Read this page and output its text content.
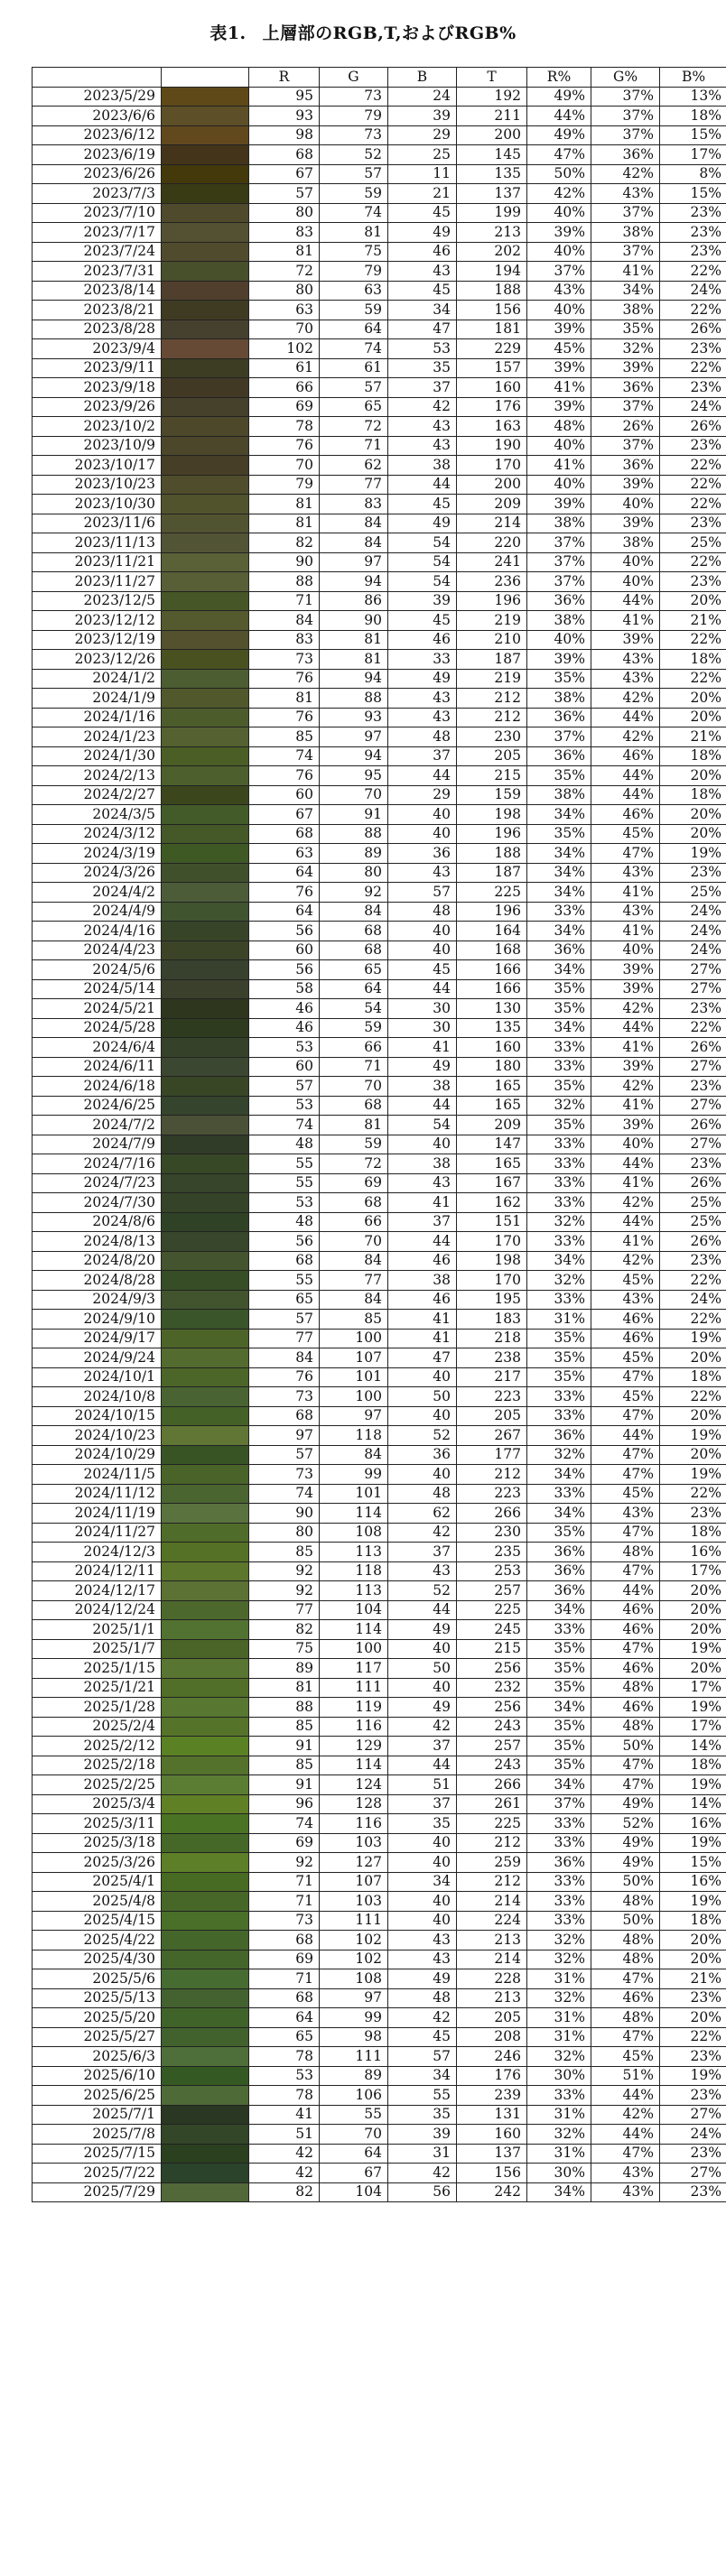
表1. 上層部のRGB,T,およびRGB%
		R	G	B	T	R%	G%	B%
2023/5/29		95	73	24	192	49%	37%	13%
2023/6/6		93	79	39	211	44%	37%	18%
2023/6/12		98	73	29	200	49%	37%	15%
2023/6/19		68	52	25	145	47%	36%	17%
2023/6/26		67	57	11	135	50%	42%	8%
2023/7/3		57	59	21	137	42%	43%	15%
2023/7/10		80	74	45	199	40%	37%	23%
2023/7/17		83	81	49	213	39%	38%	23%
2023/7/24		81	75	46	202	40%	37%	23%
2023/7/31		72	79	43	194	37%	41%	22%
2023/8/14		80	63	45	188	43%	34%	24%
2023/8/21		63	59	34	156	40%	38%	22%
2023/8/28		70	64	47	181	39%	35%	26%
2023/9/4		102	74	53	229	45%	32%	23%
2023/9/11		61	61	35	157	39%	39%	22%
2023/9/18		66	57	37	160	41%	36%	23%
2023/9/26		69	65	42	176	39%	37%	24%
2023/10/2		78	72	43	163	48%	26%	26%
2023/10/9		76	71	43	190	40%	37%	23%
2023/10/17		70	62	38	170	41%	36%	22%
2023/10/23		79	77	44	200	40%	39%	22%
2023/10/30		81	83	45	209	39%	40%	22%
2023/11/6		81	84	49	214	38%	39%	23%
2023/11/13		82	84	54	220	37%	38%	25%
2023/11/21		90	97	54	241	37%	40%	22%
2023/11/27		88	94	54	236	37%	40%	23%
2023/12/5		71	86	39	196	36%	44%	20%
2023/12/12		84	90	45	219	38%	41%	21%
2023/12/19		83	81	46	210	40%	39%	22%
2023/12/26		73	81	33	187	39%	43%	18%
2024/1/2		76	94	49	219	35%	43%	22%
2024/1/9		81	88	43	212	38%	42%	20%
2024/1/16		76	93	43	212	36%	44%	20%
2024/1/23		85	97	48	230	37%	42%	21%
2024/1/30		74	94	37	205	36%	46%	18%
2024/2/13		76	95	44	215	35%	44%	20%
2024/2/27		60	70	29	159	38%	44%	18%
2024/3/5		67	91	40	198	34%	46%	20%
2024/3/12		68	88	40	196	35%	45%	20%
2024/3/19		63	89	36	188	34%	47%	19%
2024/3/26		64	80	43	187	34%	43%	23%
2024/4/2		76	92	57	225	34%	41%	25%
2024/4/9		64	84	48	196	33%	43%	24%
2024/4/16		56	68	40	164	34%	41%	24%
2024/4/23		60	68	40	168	36%	40%	24%
2024/5/6		56	65	45	166	34%	39%	27%
2024/5/14		58	64	44	166	35%	39%	27%
2024/5/21		46	54	30	130	35%	42%	23%
2024/5/28		46	59	30	135	34%	44%	22%
2024/6/4		53	66	41	160	33%	41%	26%
2024/6/11		60	71	49	180	33%	39%	27%
2024/6/18		57	70	38	165	35%	42%	23%
2024/6/25		53	68	44	165	32%	41%	27%
2024/7/2		74	81	54	209	35%	39%	26%
2024/7/9		48	59	40	147	33%	40%	27%
2024/7/16		55	72	38	165	33%	44%	23%
2024/7/23		55	69	43	167	33%	41%	26%
2024/7/30		53	68	41	162	33%	42%	25%
2024/8/6		48	66	37	151	32%	44%	25%
2024/8/13		56	70	44	170	33%	41%	26%
2024/8/20		68	84	46	198	34%	42%	23%
2024/8/28		55	77	38	170	32%	45%	22%
2024/9/3		65	84	46	195	33%	43%	24%
2024/9/10		57	85	41	183	31%	46%	22%
2024/9/17		77	100	41	218	35%	46%	19%
2024/9/24		84	107	47	238	35%	45%	20%
2024/10/1		76	101	40	217	35%	47%	18%
2024/10/8		73	100	50	223	33%	45%	22%
2024/10/15		68	97	40	205	33%	47%	20%
2024/10/23		97	118	52	267	36%	44%	19%
2024/10/29		57	84	36	177	32%	47%	20%
2024/11/5		73	99	40	212	34%	47%	19%
2024/11/12		74	101	48	223	33%	45%	22%
2024/11/19		90	114	62	266	34%	43%	23%
2024/11/27		80	108	42	230	35%	47%	18%
2024/12/3		85	113	37	235	36%	48%	16%
2024/12/11		92	118	43	253	36%	47%	17%
2024/12/17		92	113	52	257	36%	44%	20%
2024/12/24		77	104	44	225	34%	46%	20%
2025/1/1		82	114	49	245	33%	46%	20%
2025/1/7		75	100	40	215	35%	47%	19%
2025/1/15		89	117	50	256	35%	46%	20%
2025/1/21		81	111	40	232	35%	48%	17%
2025/1/28		88	119	49	256	34%	46%	19%
2025/2/4		85	116	42	243	35%	48%	17%
2025/2/12		91	129	37	257	35%	50%	14%
2025/2/18		85	114	44	243	35%	47%	18%
2025/2/25		91	124	51	266	34%	47%	19%
2025/3/4		96	128	37	261	37%	49%	14%
2025/3/11		74	116	35	225	33%	52%	16%
2025/3/18		69	103	40	212	33%	49%	19%
2025/3/26		92	127	40	259	36%	49%	15%
2025/4/1		71	107	34	212	33%	50%	16%
2025/4/8		71	103	40	214	33%	48%	19%
2025/4/15		73	111	40	224	33%	50%	18%
2025/4/22		68	102	43	213	32%	48%	20%
2025/4/30		69	102	43	214	32%	48%	20%
2025/5/6		71	108	49	228	31%	47%	21%
2025/5/13		68	97	48	213	32%	46%	23%
2025/5/20		64	99	42	205	31%	48%	20%
2025/5/27		65	98	45	208	31%	47%	22%
2025/6/3		78	111	57	246	32%	45%	23%
2025/6/10		53	89	34	176	30%	51%	19%
2025/6/25		78	106	55	239	33%	44%	23%
2025/7/1		41	55	35	131	31%	42%	27%
2025/7/8		51	70	39	160	32%	44%	24%
2025/7/15		42	64	31	137	31%	47%	23%
2025/7/22		42	67	42	156	30%	43%	27%
2025/7/29		82	104	56	242	34%	43%	23%
